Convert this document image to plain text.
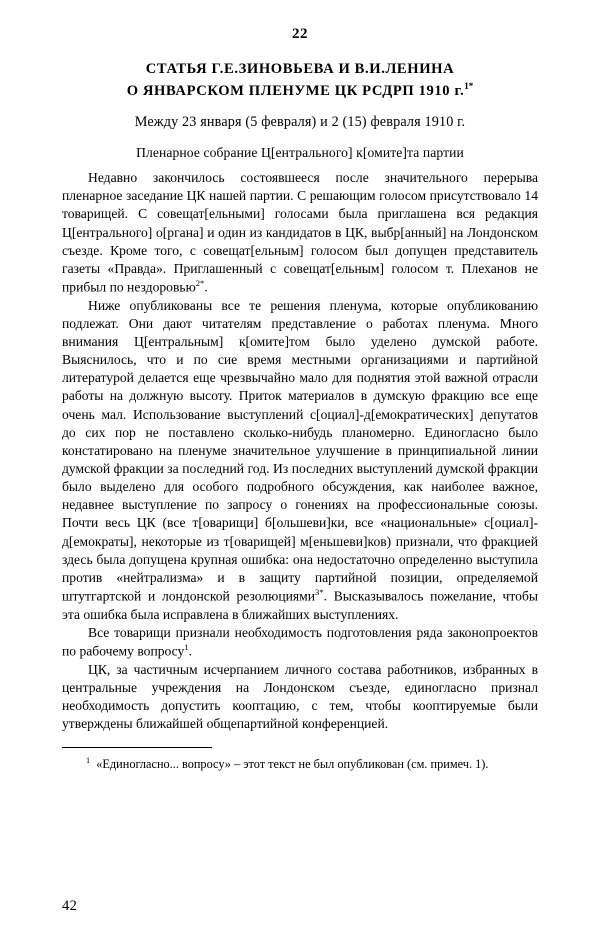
22
СТАТЬЯ Г.Е.ЗИНОВЬЕВА И В.И.ЛЕНИНА
О ЯНВАРСКОМ ПЛЕНУМЕ ЦК РСДРП 1910 г.$^{1*}$
Между 23 января (5 февраля) и 2 (15) февраля 1910 г.
Пленарное собрание Ц[ентрального] к[омите]та партии

Недавно закончилось состоявшееся после значительного перерыва пленарное заседание ЦК нашей партии. С решающим голосом присутствовало 14 товарищей. С совещат[ельными] голосами была приглашена вся редакция Ц[ентрального] о[ргана] и один из кандидатов в ЦК, выбр[анный] на Лондонском съезде. Кроме того, с совещат[ельным] голосом был допущен представитель газеты «Правда». Приглашенный с совещат[ельным] голосом т. Плеханов не прибыл по нездоровью$^{2*}$.

Ниже опубликованы все те решения пленума, которые опубликованию подлежат. Они дают читателям представление о работах пленума. Много внимания Ц[ентральным] к[омите]том было уделено думской работе. Выяснилось, что и по сие время местными организациями и партийной литературой делается еще чрезвычайно мало для поднятия этой важной отрасли работы на должную высоту. Приток материалов в думскую фракцию все еще очень мал. Использование выступлений с[оциал]-д[емократических] депутатов до сих пор не поставлено сколько-нибудь планомерно. Единогласно было констатировано на пленуме значительное улучшение в принципиальной линии думской фракции за последний год. Из последних выступлений думской фракции было выделено для особого подробного обсуждения, как наиболее важное, недавнее выступление по запросу о гонениях на профессиональные союзы. Почти весь ЦК (все т[оварищи] б[ольшеви]ки, все «национальные» с[оциал]-д[емократы], некоторые из т[оварищей] м[еньшеви]ков) признали, что фракцией здесь была допущена крупная ошибка: она недостаточно определенно выступила против «нейтрализма» и в защиту партийной позиции, определяемой штутгартской и лондонской резолюциями$^{3*}$. Высказывалось пожелание, чтобы эта ошибка была исправлена в ближайших выступлениях.

Все товарищи признали необходимость подготовления ряда законопроектов по рабочему вопросу$^1$.

ЦК, за частичным исчерпанием личного состава работников, избранных в центральные учреждения на Лондонском съезде, единогласно признал необходимость допустить кооптацию, с тем, чтобы кооптируемые были утверждены ближайшей общепартийной конференцией.

$^1$ «Единогласно... вопросу» – этот текст не был опубликован (см. примеч. 1).

42
